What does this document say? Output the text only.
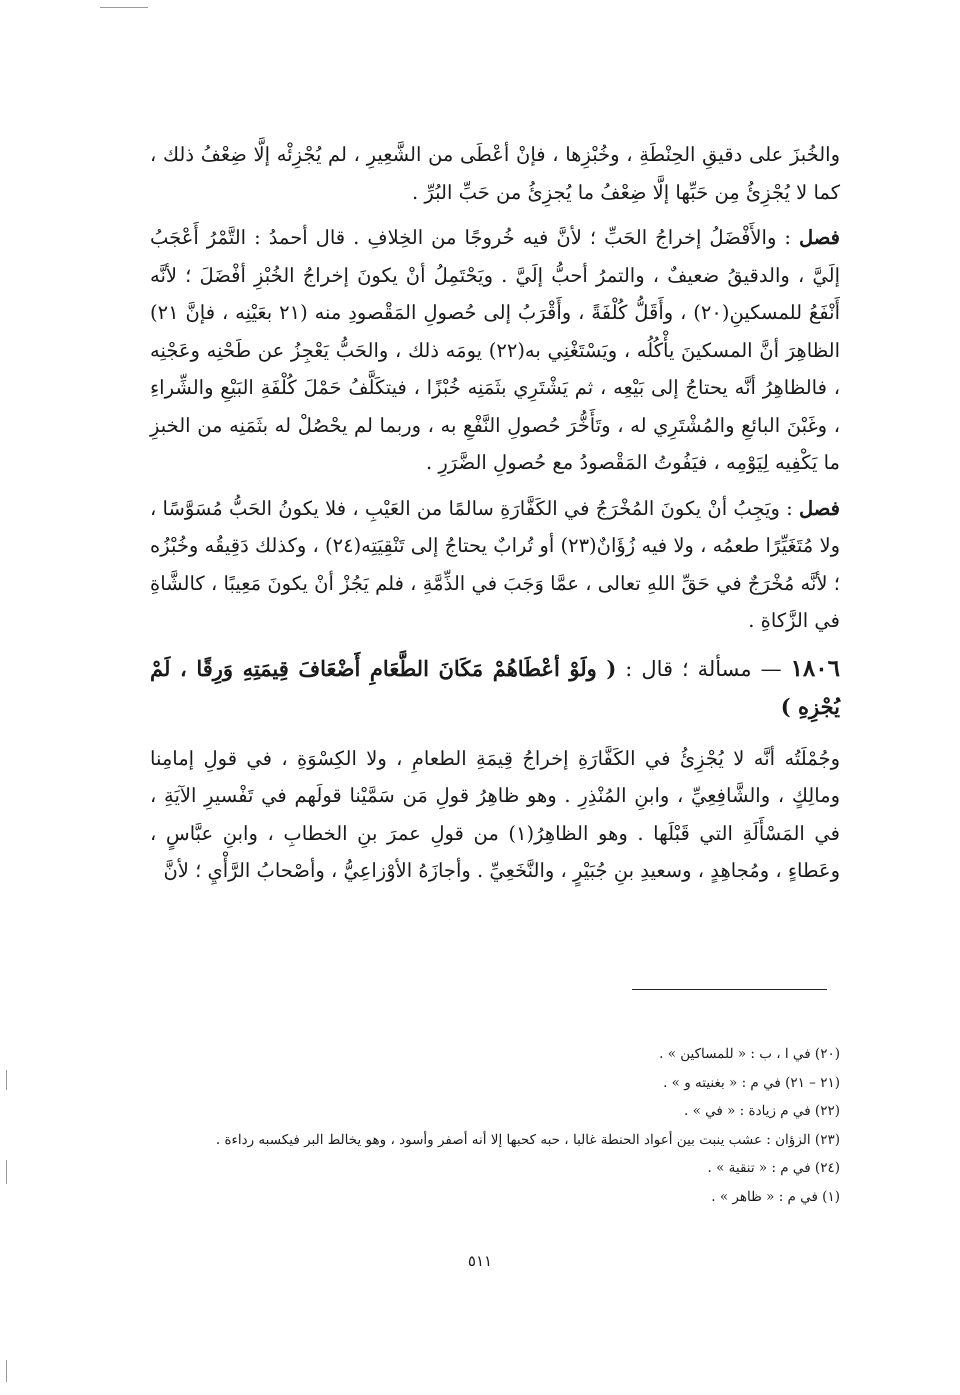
والخُبزَ على دقيقِ الحِنْطَةِ ، وخُبْزِها ، فإنْ أعْطَى من الشَّعِيرِ ، لم يُجْزِئْه إلَّا ضِعْفُ ذلك ، كما لا يُجْزِئُ مِن حَبِّها إلَّا ضِعْفُ ما يُجزِئُ من حَبِّ البُرِّ .

فصل : والأَفْضَلُ إخراجُ الحَبِّ ؛ لأنَّ فيه خُروجًا من الخِلافِ . قال أحمدُ : التَّمْرُ أَعْجَبُ إلَيَّ ، والدقيقُ ضعيفٌ ، والتمرُ أحبُّ إلَيَّ . ويَحْتَمِلُ أنْ يكونَ إخراجُ الخُبْزِ أفْضَلَ ؛ لأنَّه أَنْفَعُ للمسكينِ(٢٠) ، وأَقَلُّ كُلْفَةً ، وأَقْرَبُ إلى حُصولِ المَقْصودِ منه (٢١ بعَيْنِه ، فإنَّ ٢١) الظاهِرَ أنَّ المسكينَ يأْكُلُه ، ويَسْتَغْنِي به(٢٢) يومَه ذلك ، والحَبُّ يَعْجِزُ عن طَحْنِه وعَجْنِه ، فالظاهِرُ أنَّه يحتاجُ إلى بَيْعِه ، ثم يَشْتَرِي بثَمَنِه خُبْزًا ، فيتكَلَّفُ حَمْلَ كُلْفَةِ البَيْعِ والشِّراءِ ، وغَبْنَ البائعِ والمُشْتَرِي له ، وتَأَخُّرَ حُصولِ النَّفْعِ به ، وربما لم يحْصُلْ له بثَمَنِه من الخبزِ ما يَكْفِيه لِيَوْمِه ، فيَفُوتُ المَقْصودُ مع حُصولِ الضَّرَرِ .

فصل : ويَجِبُ أنْ يكونَ المُخْرَجُ في الكَفَّارَةِ سالمًا من العَيْبِ ، فلا يكونُ الحَبُّ مُسَوَّسًا ، ولا مُتَغَيِّرًا طعمُه ، ولا فيه زُؤَانٌ(٢٣) أو تُرابٌ يحتاجُ إلى تَنْقِيَتِه(٢٤) ، وكذلك دَقِيقُه وخُبْزُه ؛ لأنَّه مُخْرَجٌ في حَقِّ اللهِ تعالى ، عمَّا وَجَبَ في الذِّمَّةِ ، فلم يَجُزْ أنْ يكونَ مَعِيبًا ، كالشَّاةِ في الزَّكاةِ .

١٨٠٦ — مسألة ؛ قال : ( ولَوْ أعْطَاهُمْ مَكَانَ الطَّعَامِ أَضْعَافَ قِيمَتِهِ وَرِقًا ، لَمْ يُجْزِهِ )

وجُمْلَتُه أنَّه لا يُجْزِئُ في الكَفَّارَةِ إخراجُ قِيمَةِ الطعامِ ، ولا الكِسْوَةِ ، في قولِ إمامِنا ومالِكٍ ، والشَّافِعِيِّ ، وابنِ المُنْذِرِ . وهو ظاهِرُ قولِ مَن سَمَّيْنا قولَهم في تَفْسيرِ الآيَةِ ، في المَسْأَلَةِ التي قَبْلَها . وهو الظاهِرُ(١) من قولِ عمرَ بنِ الخطابِ ، وابنِ عبَّاسٍ ، وعَطاءٍ ، ومُجاهِدٍ ، وسعيدِ بنِ جُبَيْرٍ ، والنَّخَعِيِّ . وأجازَهُ الأوْزاعِيُّ ، وأصْحابُ الرَّأْيِ ؛ لأنَّ

(٢٠) في ا ، ب : « للمساكين » .
(٢١ – ٢١) في م : « بغنيته و » .
(٢٢) في م زيادة : « في » .
(٢٣) الزؤان : عشب ينبت بين أعواد الحنطة غالبا ، حبه كحبها إلا أنه أصفر وأسود ، وهو يخالط البر فيكسبه رداءة .
(٢٤) في م : « تنقية » .
(١) في م : « ظاهر » .
٥١١
